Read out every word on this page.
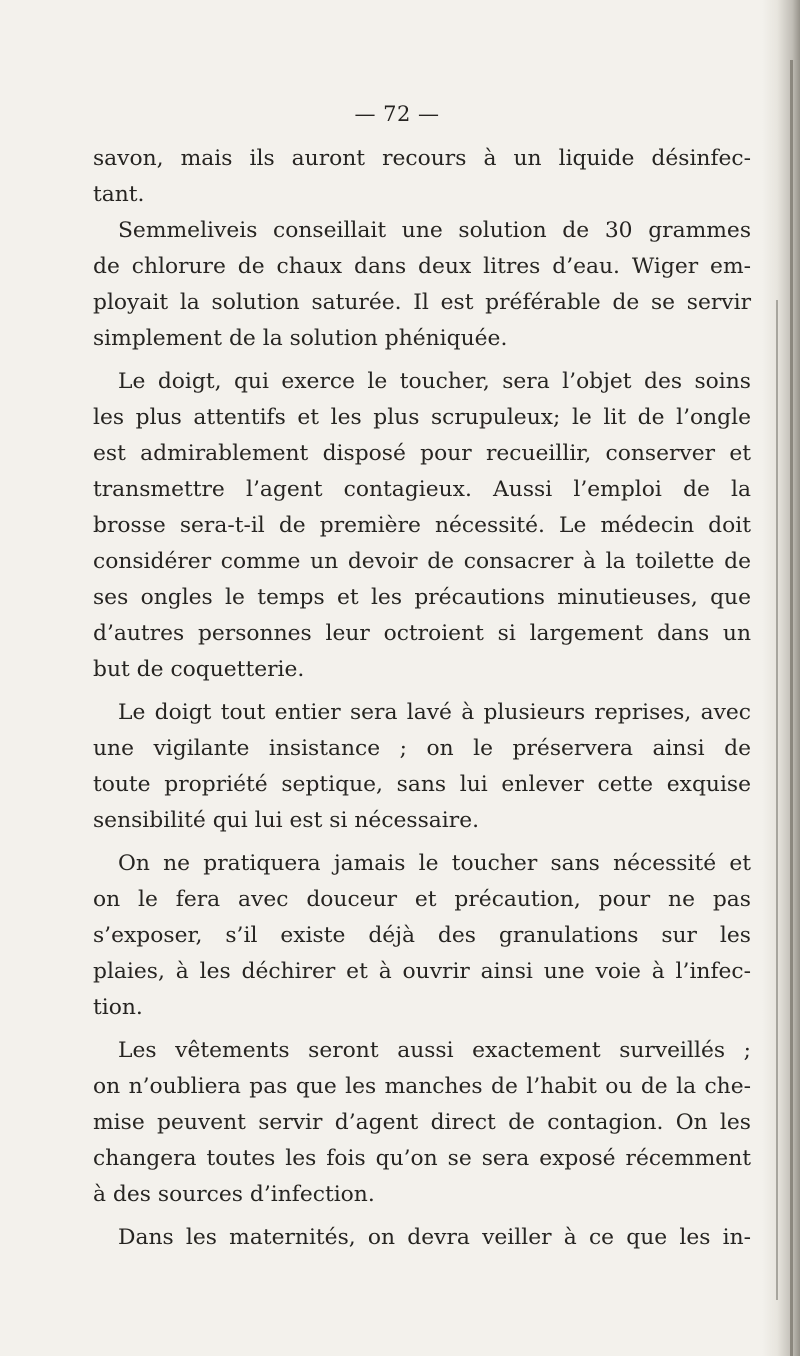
— 72 —
savon, mais ils auront recours à un liquide désinfec-
tant.
Semmeliveis conseillait une solution de 30 grammes
de chlorure de chaux dans deux litres d’eau. Wiger em-
ployait la solution saturée. Il est préférable de se servir
simplement de la solution phéniquée.
Le doigt, qui exerce le toucher, sera l’objet des soins
les plus attentifs et les plus scrupuleux; le lit de l’ongle
est admirablement disposé pour recueillir, conserver et
transmettre l’agent contagieux. Aussi l’emploi de la
brosse sera-t-il de première nécessité. Le médecin doit
considérer comme un devoir de consacrer à la toilette de
ses ongles le temps et les précautions minutieuses, que
d’autres personnes leur octroient si largement dans un
but de coquetterie.
Le doigt tout entier sera lavé à plusieurs reprises, avec
une vigilante insistance ; on le préservera ainsi de
toute propriété septique, sans lui enlever cette exquise
sensibilité qui lui est si nécessaire.
On ne pratiquera jamais le toucher sans nécessité et
on le fera avec douceur et précaution, pour ne pas
s’exposer, s’il existe déjà des granulations sur les
plaies, à les déchirer et à ouvrir ainsi une voie à l’infec-
tion.
Les vêtements seront aussi exactement surveillés ;
on n’oubliera pas que les manches de l’habit ou de la che-
mise peuvent servir d’agent direct de contagion. On les
changera toutes les fois qu’on se sera exposé récemment
à des sources d’infection.
Dans les maternités, on devra veiller à ce que les in-
